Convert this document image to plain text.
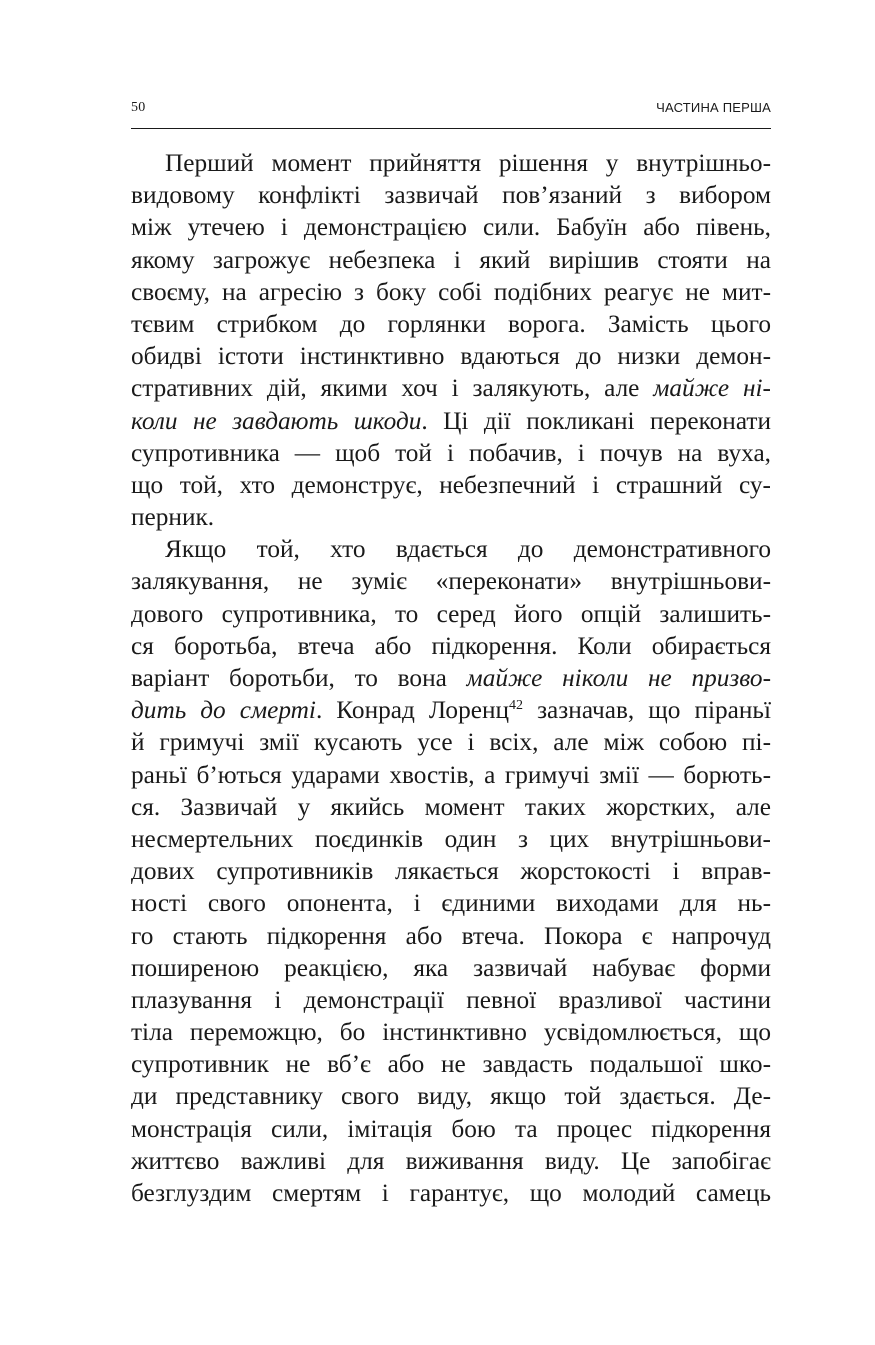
50	ЧАСТИНА ПЕРША
Перший момент прийняття рішення у внутрішньо-
видовому конфлікті зазвичай пов’язаний з вибором
між утечею і демонстрацією сили. Бабуїн або півень,
якому загрожує небезпека і який вирішив стояти на
своєму, на агресію з боку собі подібних реагує не мит-
тєвим стрибком до горлянки ворога. Замість цього
обидві істоти інстинктивно вдаються до низки демон-
стративних дій, якими хоч і залякують, але майже ні-
коли не завдають шкоди. Ці дії покликані переконати
супротивника — щоб той і побачив, і почув на вуха,
що той, хто демонструє, небезпечний і страшний су-
перник.
Якщо той, хто вдається до демонстративного
залякування, не зуміє «переконати» внутрішньови-
дового супротивника, то серед його опцій залишить-
ся боротьба, втеча або підкорення. Коли обирається
варіант боротьби, то вона майже ніколи не призво-
дить до смерті. Конрад Лоренц$^{42}$ зазначав, що піраньї
й гримучі змії кусають усе і всіх, але між собою пі-
раньї б’ються ударами хвостів, а гримучі змії — борють-
ся. Зазвичай у якийсь момент таких жорстких, але
несмертельних поєдинків один з цих внутрішньови-
дових супротивників лякається жорстокості і вправ-
ності свого опонента, і єдиними виходами для нь-
го стають підкорення або втеча. Покора є напрочуд
поширеною реакцією, яка зазвичай набуває форми
плазування і демонстрації певної вразливої частини
тіла переможцю, бо інстинктивно усвідомлюється, що
супротивник не вб’є або не завдасть подальшої шко-
ди представнику свого виду, якщо той здається. Де-
монстрація сили, імітація бою та процес підкорення
життєво важливі для виживання виду. Це запобігає
безглуздим смертям і гарантує, що молодий самець
